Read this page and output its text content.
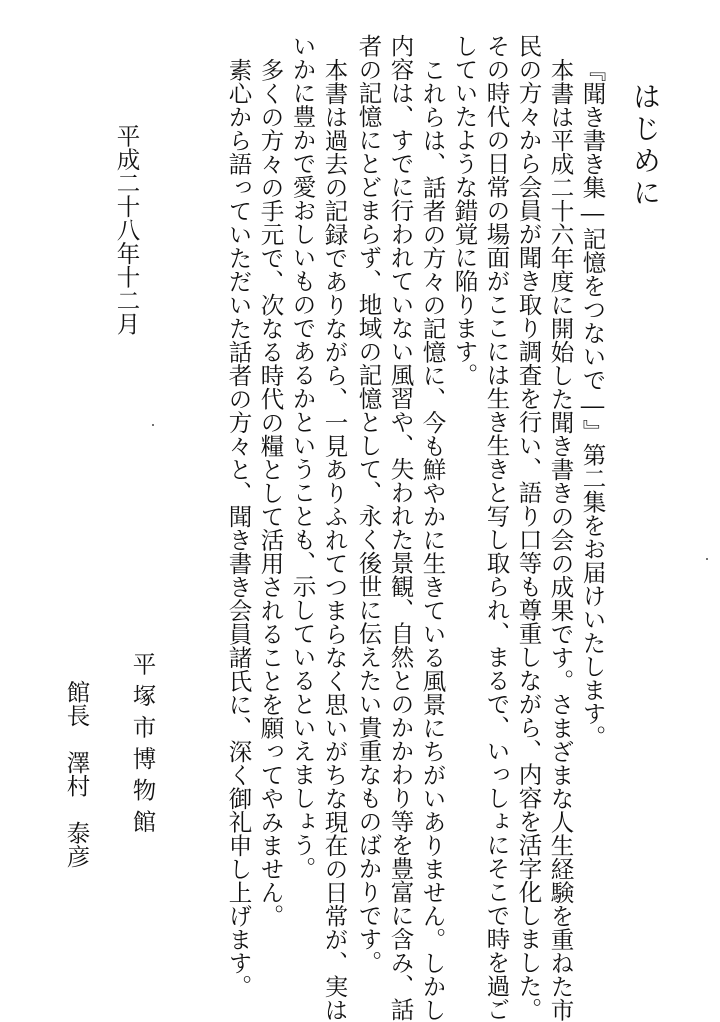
はじめに
『聞き書き集―記憶をつないで―』第二集をお届けいたします。
本書は平成二十六年度に開始した聞き書きの会の成果です。さまざまな人生経験を重ねた市
民の方々から会員が聞き取り調査を行い、語り口等も尊重しながら、内容を活字化しました。
その時代の日常の場面がここには生き生きと写し取られ、まるで、いっしょにそこで時を過ご
していたような錯覚に陥ります。
これらは、話者の方々の記憶に、今も鮮やかに生きている風景にちがいありません。しかし
内容は、すでに行われていない風習や、失われた景観、自然とのかかわり等を豊富に含み、話
者の記憶にとどまらず、地域の記憶として、永く後世に伝えたい貴重なものばかりです。
本書は過去の記録でありながら、一見ありふれてつまらなく思いがちな現在の日常が、実は
いかに豊かで愛おしいものであるかということも、示しているといえましょう。
多くの方々の手元で、次なる時代の糧として活用されることを願ってやみません。
素心から語っていただいた話者の方々と、聞き書き会員諸氏に、深く御礼申し上げます。
平成二十八年十二月
平塚市博物館
館長　澤村　泰彦
